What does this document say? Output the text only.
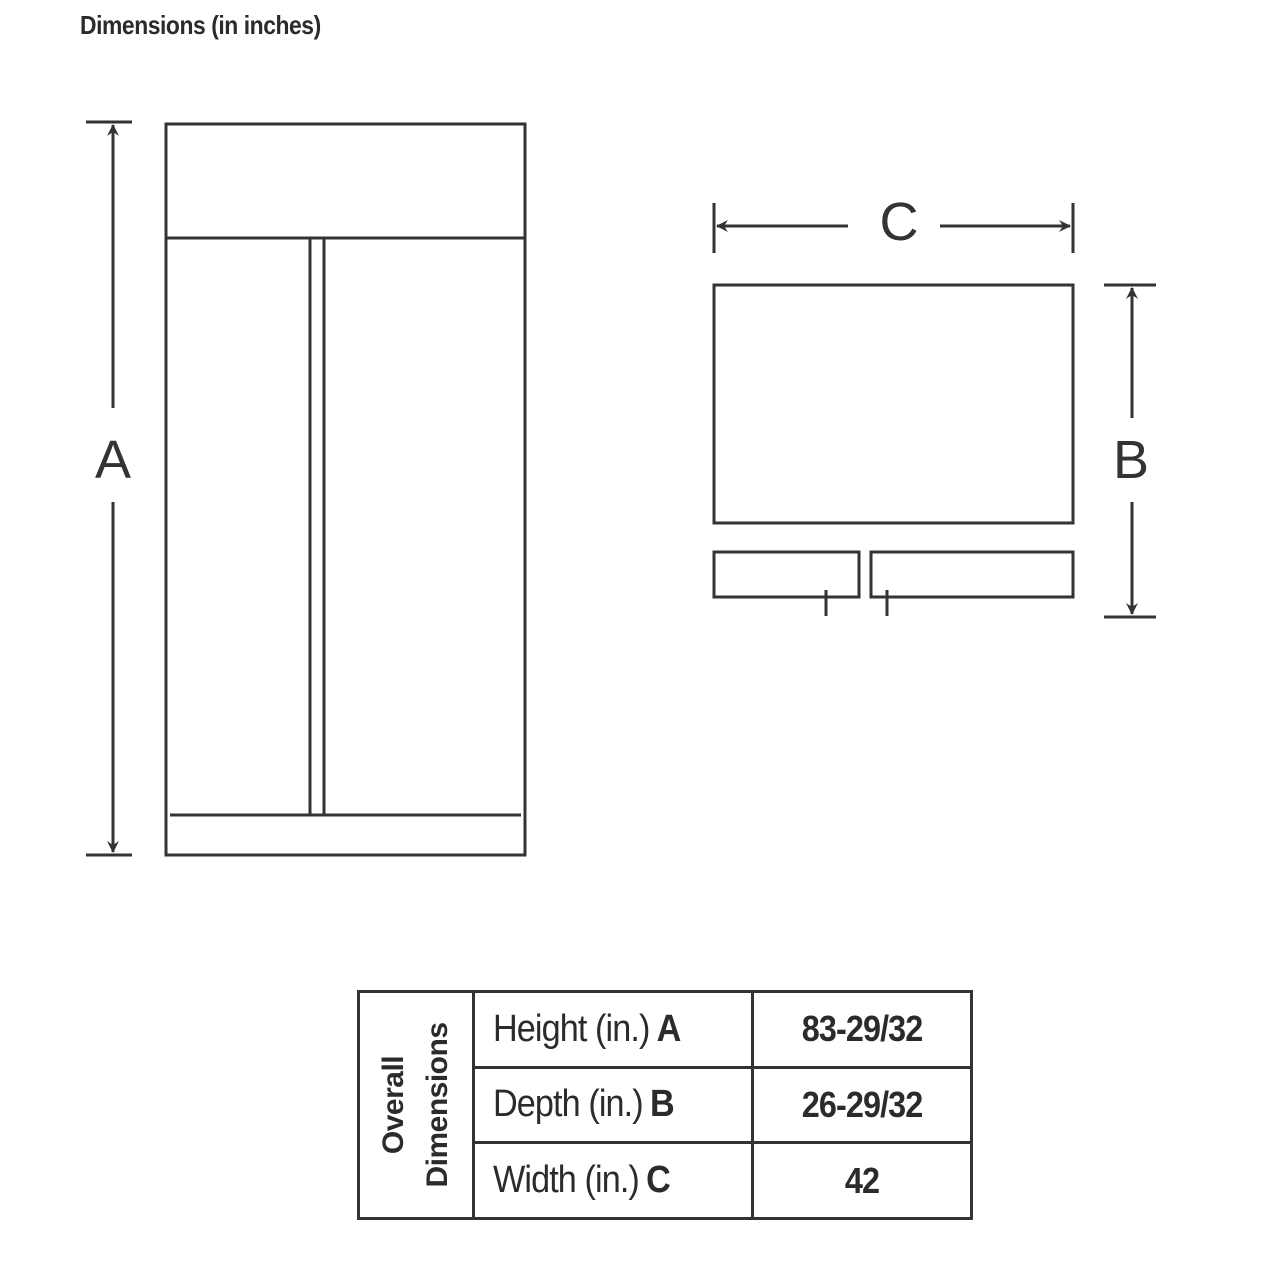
Dimensions (in inches)
A
C
B
Overall Dimensions	Height (in.) A	83-29/32
	Depth (in.) B	26-29/32
	Width (in.) C	42
